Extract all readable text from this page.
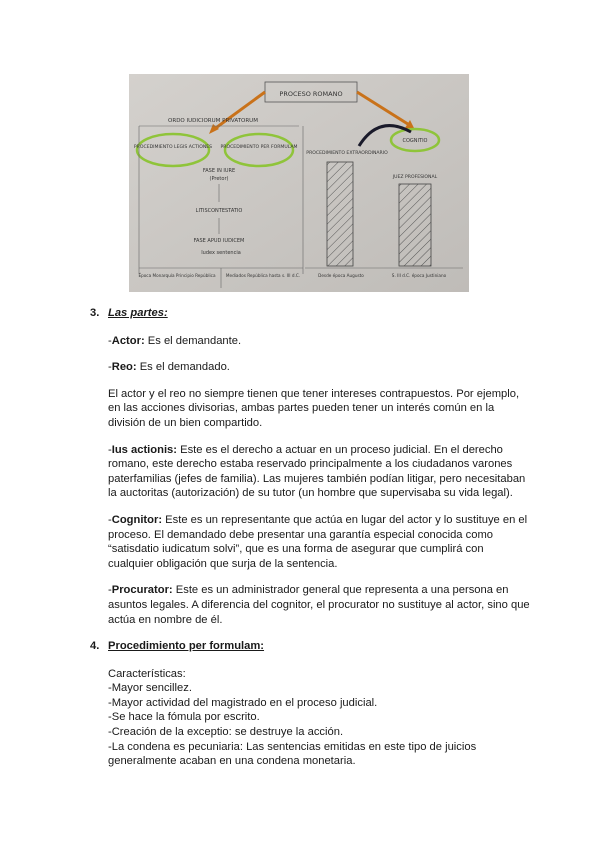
PROCESO ROMANO
ORDO IUDICIORUM PRIVATORUM
PROCEDIMIENTO LEGIS ACTIONES PROCEDIMIENTO PER FORMULAM
COGNITIO
PROCEDIMIENTO EXTRAORDINARIO
JUEZ PROFESIONAL
FASE IN IURE
(Pretor)
LITISCONTESTATIO
FASE APUD IUDICEM
Iudex sentencia
Época Monarquía Principio República Mediados República hasta s. III d.C.	Desde época Augusto	S. III d.C. época Justiniano
3. Las partes:
-Actor: Es el demandante.
-Reo: Es el demandado.
El actor y el reo no siempre tienen que tener intereses contrapuestos. Por ejemplo, en las acciones divisorias, ambas partes pueden tener un interés común en la división de un bien compartido.
-Ius actionis: Este es el derecho a actuar en un proceso judicial. En el derecho romano, este derecho estaba reservado principalmente a los ciudadanos varones paterfamilias (jefes de familia). Las mujeres también podían litigar, pero necesitaban la auctoritas (autorización) de su tutor (un hombre que supervisaba su vida legal).
-Cognitor: Este es un representante que actúa en lugar del actor y lo sustituye en el proceso. El demandado debe presentar una garantía especial conocida como “satisdatio iudicatum solvi”, que es una forma de asegurar que cumplirá con cualquier obligación que surja de la sentencia.
-Procurator: Este es un administrador general que representa a una persona en asuntos legales. A diferencia del cognitor, el procurator no sustituye al actor, sino que actúa en nombre de él.
4. Procedimiento per formulam:
Características:
-Mayor sencillez.
-Mayor actividad del magistrado en el proceso judicial.
-Se hace la fómula por escrito.
-Creación de la exceptio: se destruye la acción.
-La condena es pecuniaria: Las sentencias emitidas en este tipo de juicios
generalmente acaban en una condena monetaria.
